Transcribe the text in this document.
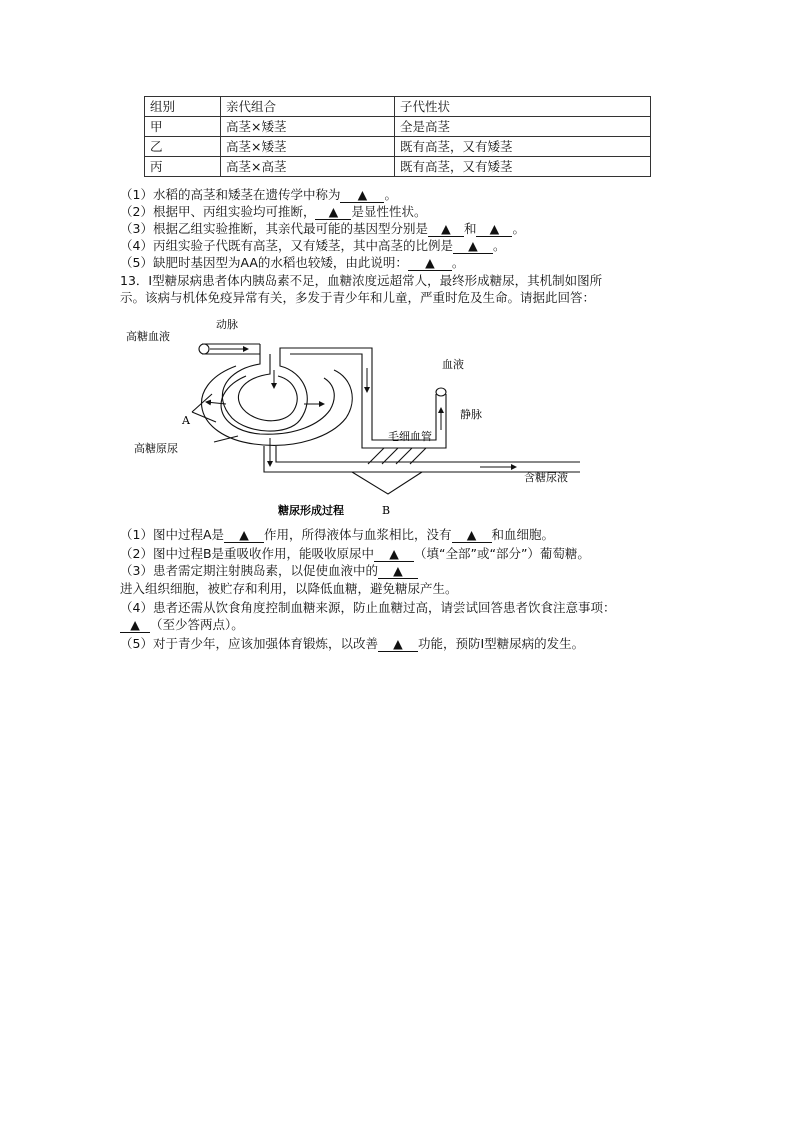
组别	亲代组合	子代性状
甲	高茎×矮茎	全是高茎
乙	高茎×矮茎	既有高茎，又有矮茎
丙	高茎×高茎	既有高茎，又有矮茎
（1）水稻的高茎和矮茎在遗传学中称为 ▲ 。
（2）根据甲、丙组实验均可推断， ▲ 是显性性状。
（3）根据乙组实验推断，其亲代最可能的基因型分别是 ▲ 和 ▲ 。
（4）丙组实验子代既有高茎，又有矮茎，其中高茎的比例是 ▲ 。
（5）缺肥时基因型为AA的水稻也较矮，由此说明： ▲ 。
13．Ⅰ型糖尿病患者体内胰岛素不足，血糖浓度远超常人，最终形成糖尿，其机制如图所
示。该病与机体免疫异常有关，多发于青少年和儿童，严重时危及生命。请据此回答：
高糖血液
动脉
A
高糖原尿
血液
静脉
毛细血管
含糖尿液
糖尿形成过程	B
（1）图中过程A是 ▲ 作用，所得液体与血浆相比，没有 ▲ 和血细胞。
（2）图中过程B是重吸收作用，能吸收原尿中 ▲ （填“全部”或“部分”）葡萄糖。
（3）患者需定期注射胰岛素，以促使血液中的 ▲
进入组织细胞，被贮存和利用，以降低血糖，避免糖尿产生。
（4）患者还需从饮食角度控制血糖来源，防止血糖过高，请尝试回答患者饮食注意事项：
▲ （至少答两点）。
（5）对于青少年，应该加强体育锻炼，以改善 ▲ 功能，预防Ⅰ型糖尿病的发生。
